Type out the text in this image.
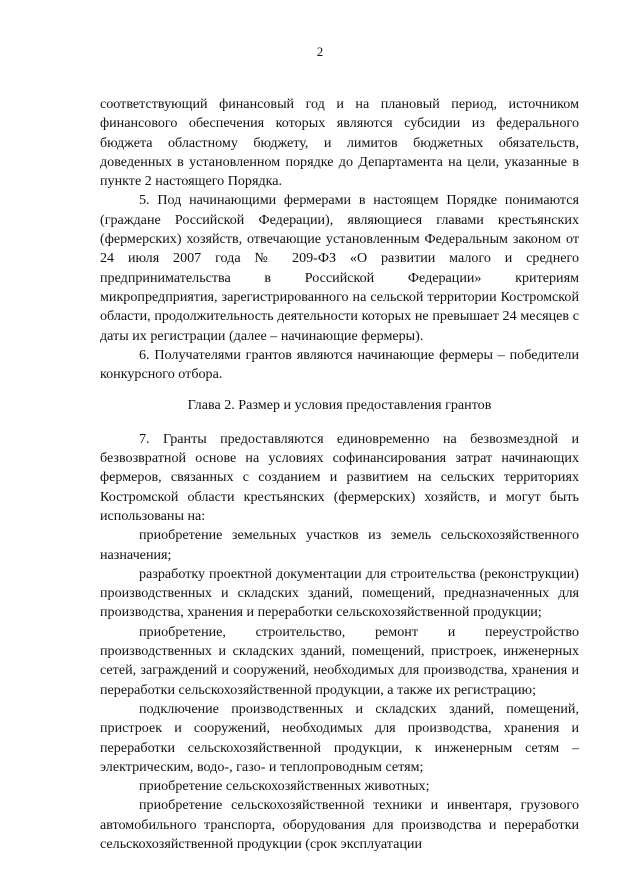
2

соответствующий финансовый год и на плановый период, источником финансового обеспечения которых являются субсидии из федерального бюджета областному бюджету, и лимитов бюджетных обязательств, доведенных в установленном порядке до Департамента на цели, указанные в пункте 2 настоящего Порядка.

5. Под начинающими фермерами в настоящем Порядке понимаются (граждане Российской Федерации), являющиеся главами крестьянских (фермерских) хозяйств, отвечающие установленным Федеральным законом от 24 июля 2007 года № 209-ФЗ «О развитии малого и среднего предпринимательства в Российской Федерации» критериям микропредприятия, зарегистрированного на сельской территории Костромской области, продолжительность деятельности которых не превышает 24 месяцев с даты их регистрации (далее – начинающие фермеры).

6. Получателями грантов являются начинающие фермеры – победители конкурсного отбора.

Глава 2. Размер и условия предоставления грантов

7. Гранты предоставляются единовременно на безвозмездной и безвозвратной основе на условиях софинансирования затрат начинающих фермеров, связанных с созданием и развитием на сельских территориях Костромской области крестьянских (фермерских) хозяйств, и могут быть использованы на:

приобретение земельных участков из земель сельскохозяйственного назначения;

разработку проектной документации для строительства (реконструкции) производственных и складских зданий, помещений, предназначенных для производства, хранения и переработки сельскохозяйственной продукции;

приобретение, строительство, ремонт и переустройство производственных и складских зданий, помещений, пристроек, инженерных сетей, заграждений и сооружений, необходимых для производства, хранения и переработки сельскохозяйственной продукции, а также их регистрацию;

подключение производственных и складских зданий, помещений, пристроек и сооружений, необходимых для производства, хранения и переработки сельскохозяйственной продукции, к инженерным сетям – электрическим, водо-, газо- и теплопроводным сетям;

приобретение сельскохозяйственных животных;

приобретение сельскохозяйственной техники и инвентаря, грузового автомобильного транспорта, оборудования для производства и переработки сельскохозяйственной продукции (срок эксплуатации
